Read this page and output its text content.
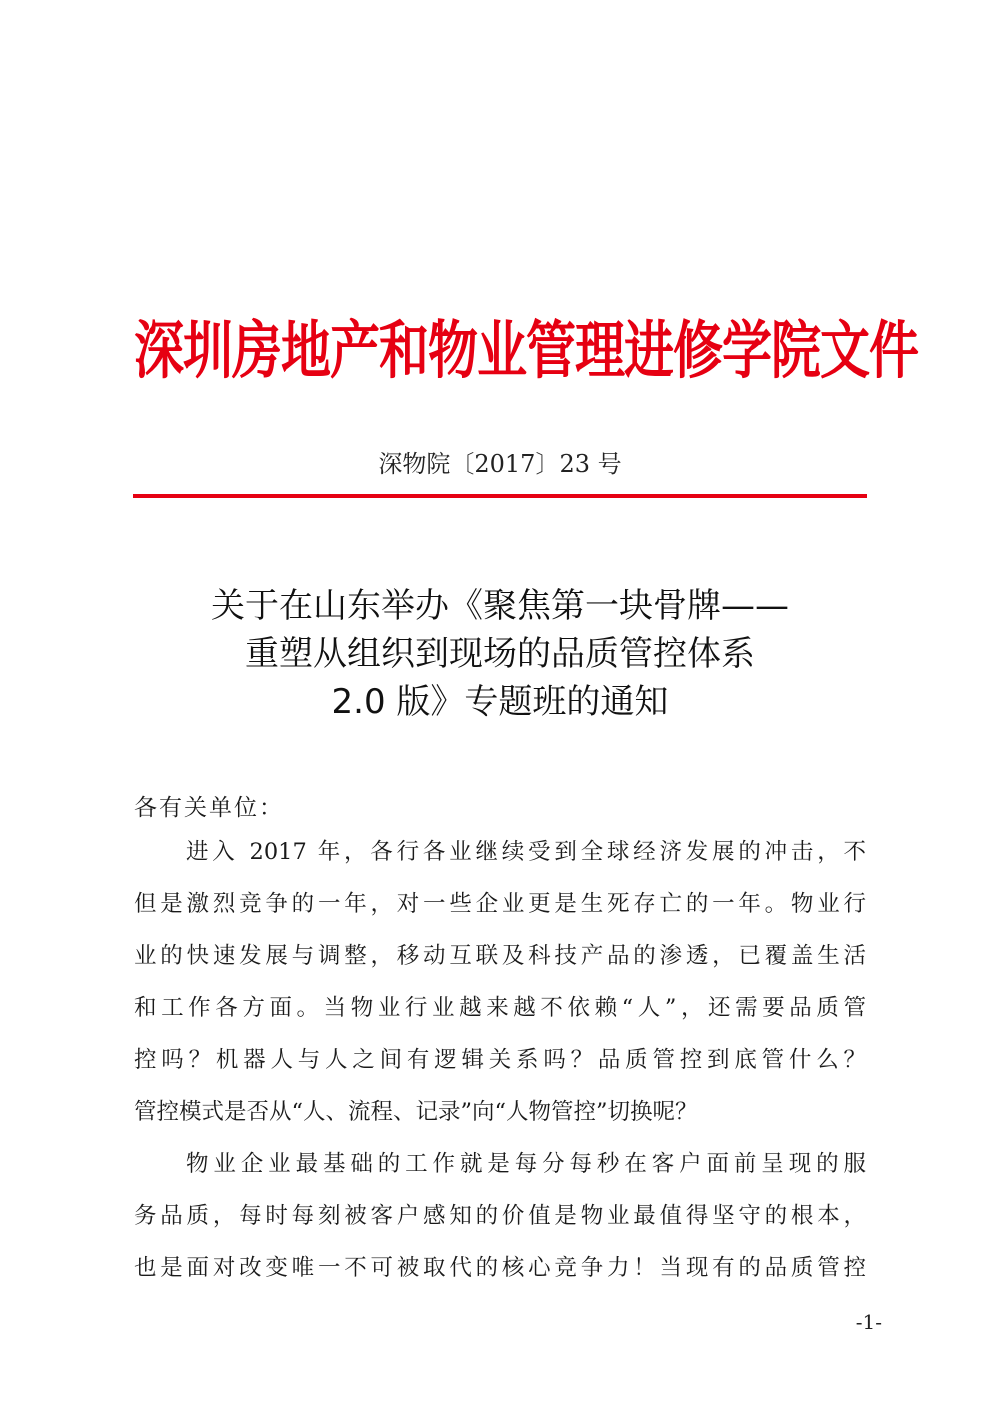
深圳房地产和物业管理进修学院文件
深物院〔2017〕23 号
关于在山东举办《聚焦第一块骨牌——
重塑从组织到现场的品质管控体系
2.0 版》专题班的通知
各有关单位：
进入 2017 年，各行各业继续受到全球经济发展的冲击，不
但是激烈竞争的一年，对一些企业更是生死存亡的一年。物业行
业的快速发展与调整，移动互联及科技产品的渗透，已覆盖生活
和工作各方面。当物业行业越来越不依赖“人”，还需要品质管
控吗？机器人与人之间有逻辑关系吗？品质管控到底管什么？
管控模式是否从“人、流程、记录”向“人物管控”切换呢？
物业企业最基础的工作就是每分每秒在客户面前呈现的服
务品质，每时每刻被客户感知的价值是物业最值得坚守的根本，
也是面对改变唯一不可被取代的核心竞争力！当现有的品质管控
-1-
